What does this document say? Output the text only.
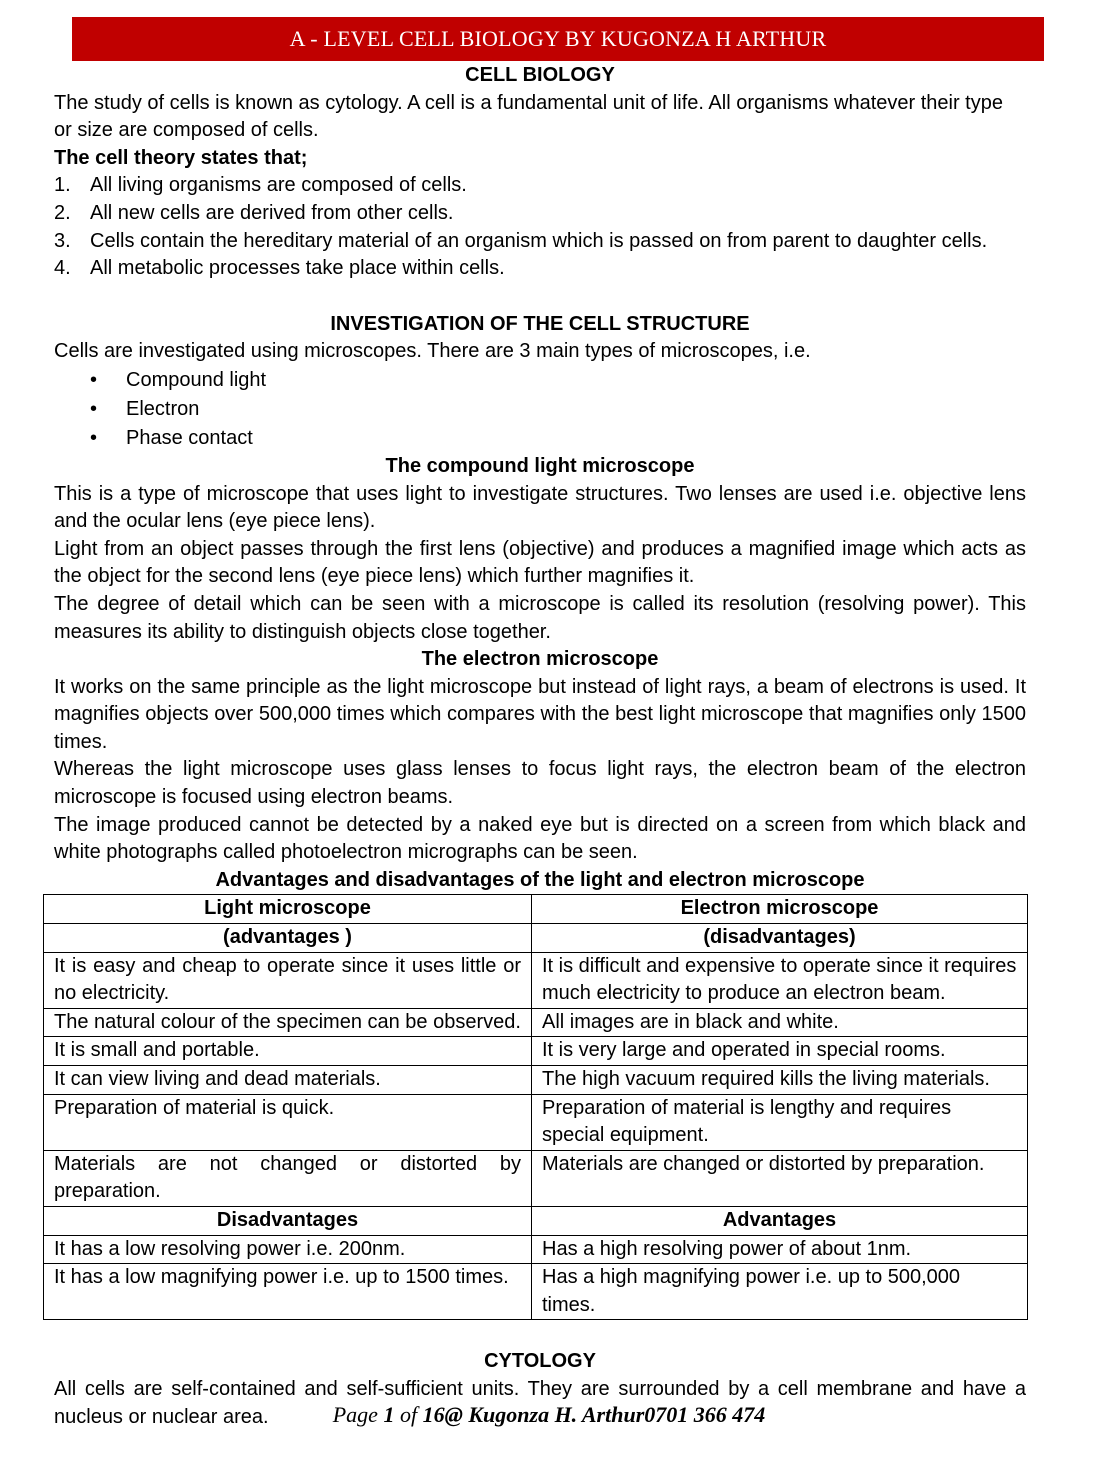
A - LEVEL CELL BIOLOGY BY KUGONZA H ARTHUR

CELL BIOLOGY

The study of cells is known as cytology. A cell is a fundamental unit of life. All organisms whatever their type or size are composed of cells.

The cell theory states that;

1. All living organisms are composed of cells.
2. All new cells are derived from other cells.
3. Cells contain the hereditary material of an organism which is passed on from parent to daughter cells.
4. All metabolic processes take place within cells.

INVESTIGATION OF THE CELL STRUCTURE

Cells are investigated using microscopes. There are 3 main types of microscopes, i.e.

• Compound light
• Electron
• Phase contact

The compound light microscope

This is a type of microscope that uses light to investigate structures. Two lenses are used i.e. objective lens and the ocular lens (eye piece lens).

Light from an object passes through the first lens (objective) and produces a magnified image which acts as the object for the second lens (eye piece lens) which further magnifies it.

The degree of detail which can be seen with a microscope is called its resolution (resolving power). This measures its ability to distinguish objects close together.

The electron microscope

It works on the same principle as the light microscope but instead of light rays, a beam of electrons is used. It magnifies objects over 500,000 times which compares with the best light microscope that magnifies only 1500 times.

Whereas the light microscope uses glass lenses to focus light rays, the electron beam of the electron microscope is focused using electron beams.

The image produced cannot be detected by a naked eye but is directed on a screen from which black and white photographs called photoelectron micrographs can be seen.

Advantages and disadvantages of the light and electron microscope

Light microscope	Electron microscope
(advantages )	(disadvantages)
It is easy and cheap to operate since it uses little or no electricity.	It is difficult and expensive to operate since it requires much electricity to produce an electron beam.
The natural colour of the specimen can be observed.	All images are in black and white.
It is small and portable.	It is very large and operated in special rooms.
It can view living and dead materials.	The high vacuum required kills the living materials.
Preparation of material is quick.	Preparation of material is lengthy and requires special equipment.
Materials are not changed or distorted by preparation.	Materials are changed or distorted by preparation.
Disadvantages	Advantages
It has a low resolving power i.e. 200nm.	Has a high resolving power of about 1nm.
It has a low magnifying power i.e. up to 1500 times.	Has a high magnifying power i.e. up to 500,000 times.

CYTOLOGY

All cells are self-contained and self-sufficient units. They are surrounded by a cell membrane and have a nucleus or nuclear area.	Page 1 of 16@ Kugonza H. Arthur0701 366 474
